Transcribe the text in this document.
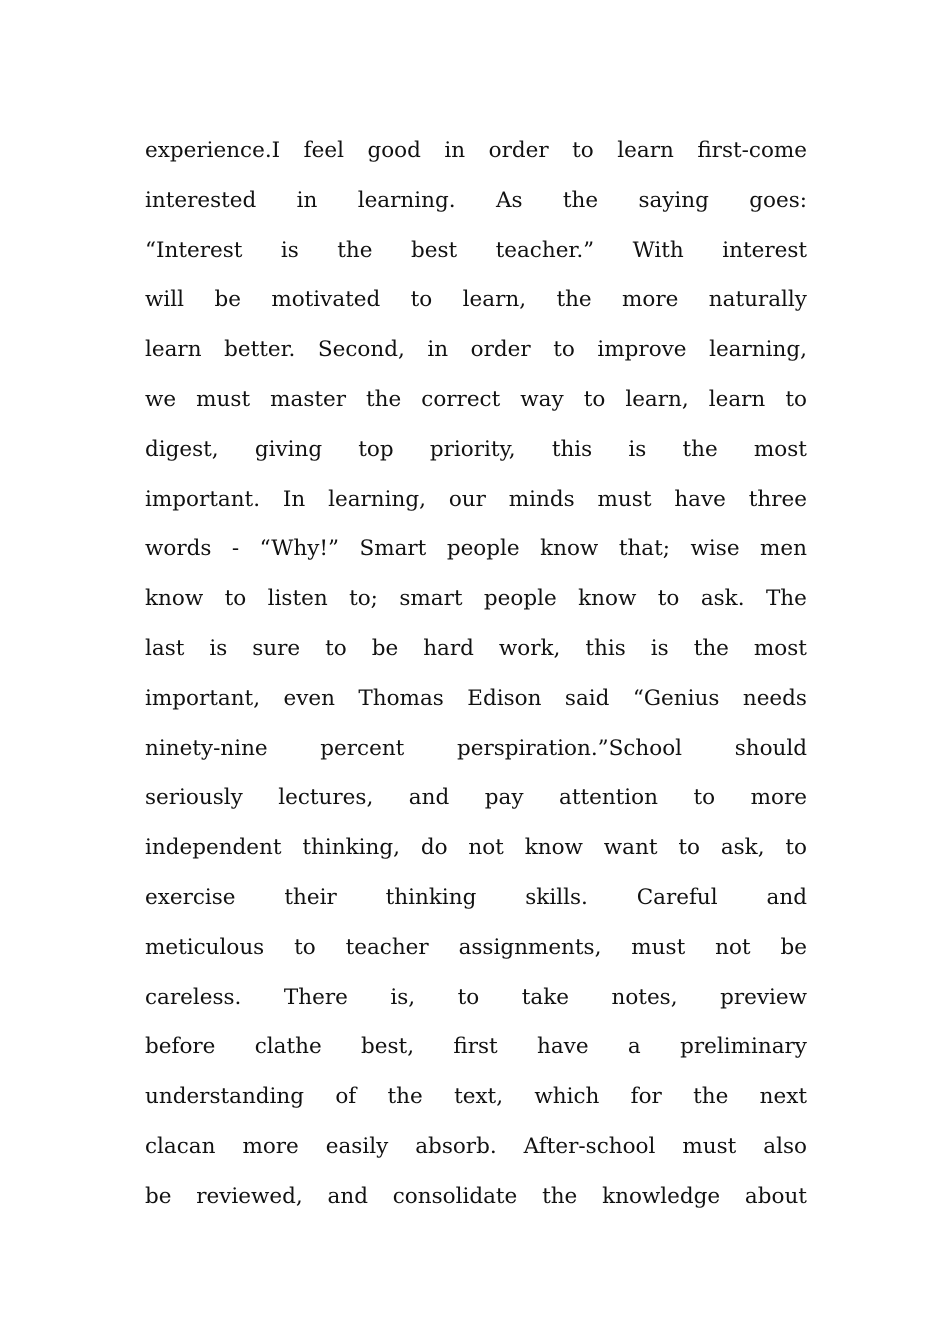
experience.I feel good in order to learn first-come
interested in learning. As the saying goes:
“Interest is the best teacher.” With interest
will be motivated to learn, the more naturally
learn better. Second, in order to improve learning,
we must master the correct way to learn, learn to
digest, giving top priority, this is the most
important. In learning, our minds must have three
words - “Why!” Smart people know that; wise men
know to listen to; smart people know to ask. The
last is sure to be hard work, this is the most
important, even Thomas Edison said “Genius needs
ninety-nine percent perspiration.”School should
seriously lectures, and pay attention to more
independent thinking, do not know want to ask, to
exercise their thinking skills. Careful and
meticulous to teacher assignments, must not be
careless. There is, to take notes, preview
before clathe best, first have a preliminary
understanding of the text, which for the next
clacan more easily absorb. After-school must also
be reviewed, and consolidate the knowledge about
